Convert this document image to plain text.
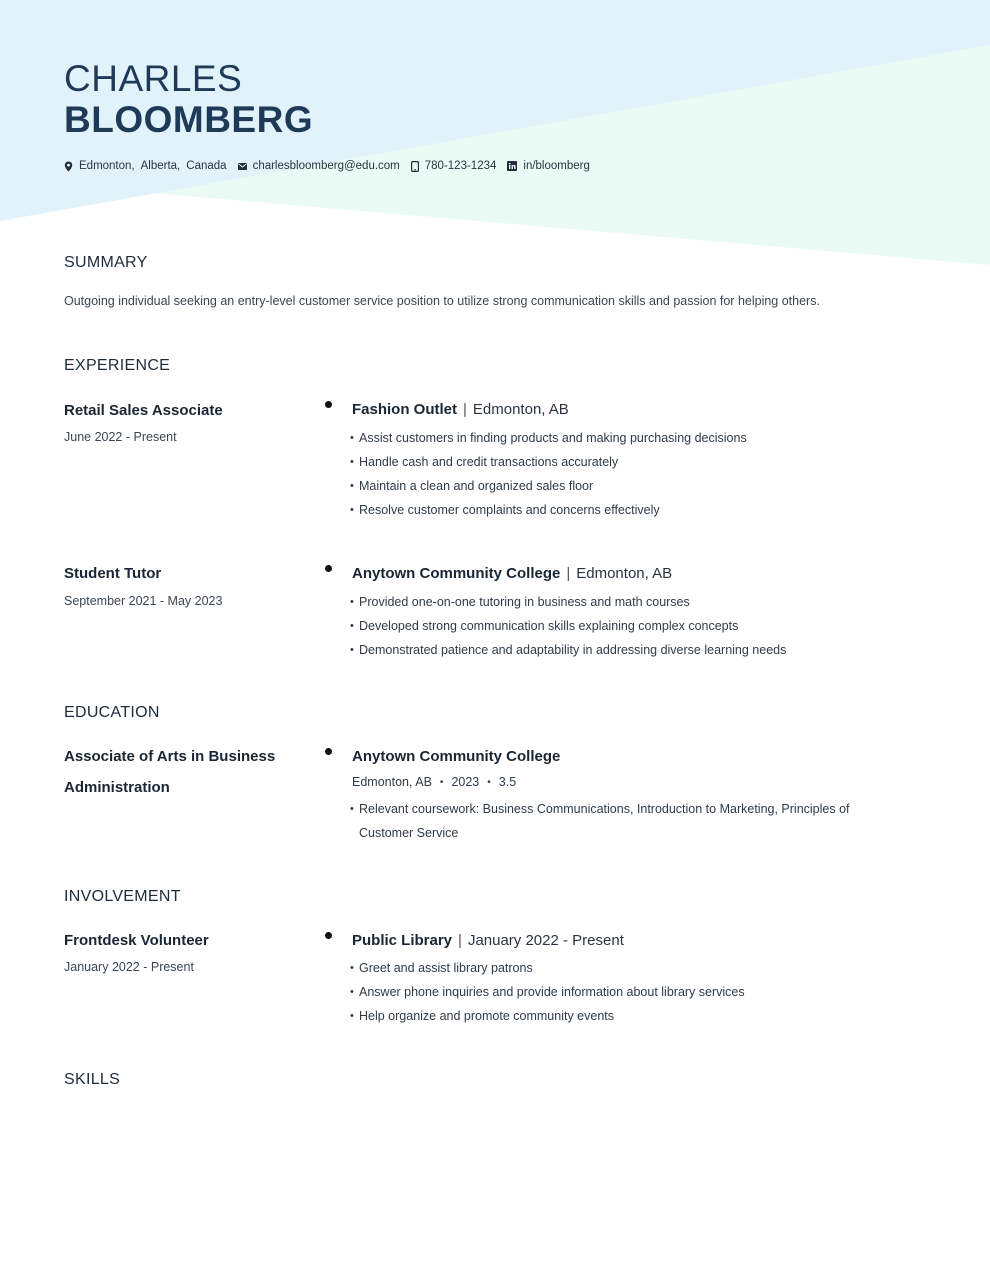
CHARLES
BLOOMBERG
Edmonton, Alberta, Canada charlesbloomberg@edu.com 780-123-1234 in/bloomberg
SUMMARY
Outgoing individual seeking an entry-level customer service position to utilize strong communication skills and passion for helping others.
EXPERIENCE
Retail Sales Associate
June 2022 - Present
Fashion Outlet | Edmonton, AB
• Assist customers in finding products and making purchasing decisions
• Handle cash and credit transactions accurately
• Maintain a clean and organized sales floor
• Resolve customer complaints and concerns effectively
Student Tutor
September 2021 - May 2023
Anytown Community College | Edmonton, AB
• Provided one-on-one tutoring in business and math courses
• Developed strong communication skills explaining complex concepts
• Demonstrated patience and adaptability in addressing diverse learning needs
EDUCATION
Associate of Arts in Business
Administration
Anytown Community College
Edmonton, AB • 2023 • 3.5
• Relevant coursework: Business Communications, Introduction to Marketing, Principles of Customer Service
INVOLVEMENT
Frontdesk Volunteer
January 2022 - Present
Public Library | January 2022 - Present
• Greet and assist library patrons
• Answer phone inquiries and provide information about library services
• Help organize and promote community events
SKILLS
